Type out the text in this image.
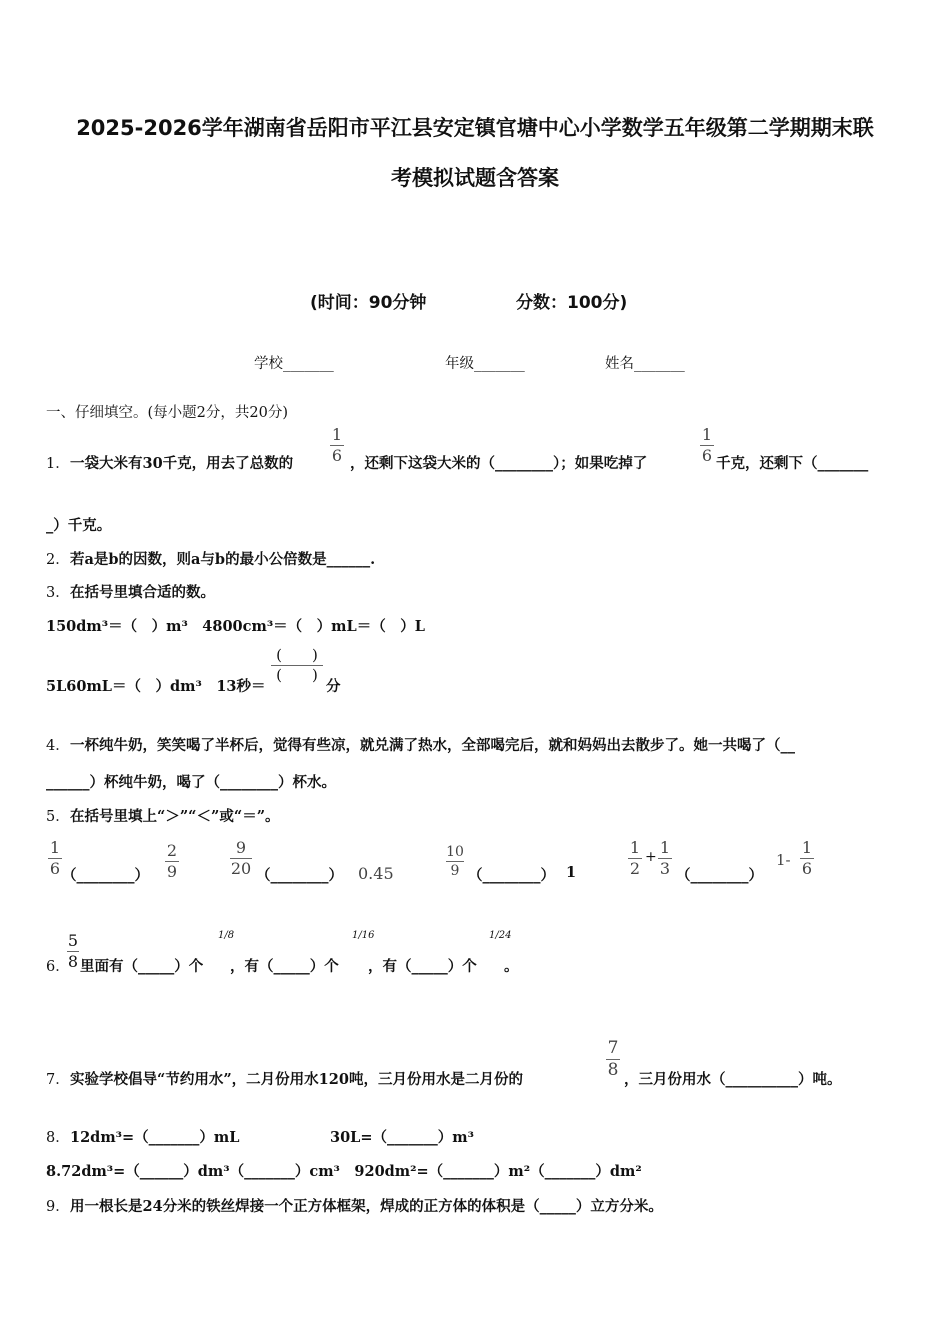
2025-2026学年湖南省岳阳市平江县安定镇官塘中心小学数学五年级第二学期期末联
考模拟试题含答案
(时间：90分钟	分数：100分)
学校_______	年级_______	姓名_______
一、仔细填空。(每小题2分，共20分)
1． 一袋大米有30千克，用去了总数的
1
6 ，还剩下这袋大米的（________）；如果吃掉了
1
6 千克，还剩下（_______
_）千克。
2． 若a是b的因数，则a与b的最小公倍数是______.
3． 在括号里填合适的数。
150dm³＝（　）m³　4800cm³＝（　）mL＝（　）L
5L60mL＝（　）dm³　13秒＝
(　　)
(　　)
分
4． 一杯纯牛奶，笑笑喝了半杯后，觉得有些凉，就兑满了热水，全部喝完后，就和妈妈出去散步了。她一共喝了（__
______）杯纯牛奶，喝了（________）杯水。
5． 在括号里填上“＞”“＜”或“＝”。
1
6 （________）
2
9
9
20 （________） 0.45
10
9 （________） 1
1
2
+ 1
3 （________）
1-
1
6
6．
5
8 里面有（_____）个
1/8
，有（_____）个
1/16
，有（_____）个
1/24
。
7． 实验学校倡导“节约用水”，二月份用水120吨，三月份用水是二月份的
7
8 ，三月份用水（__________）吨。
8． 12dm³=（_______）mL	30L=（_______）m³
8.72dm³=（______）dm³（_______）cm³　920dm²=（_______）m²（_______）dm²
9． 用一根长是24分米的铁丝焊接一个正方体框架，焊成的正方体的体积是（_____）立方分米。
